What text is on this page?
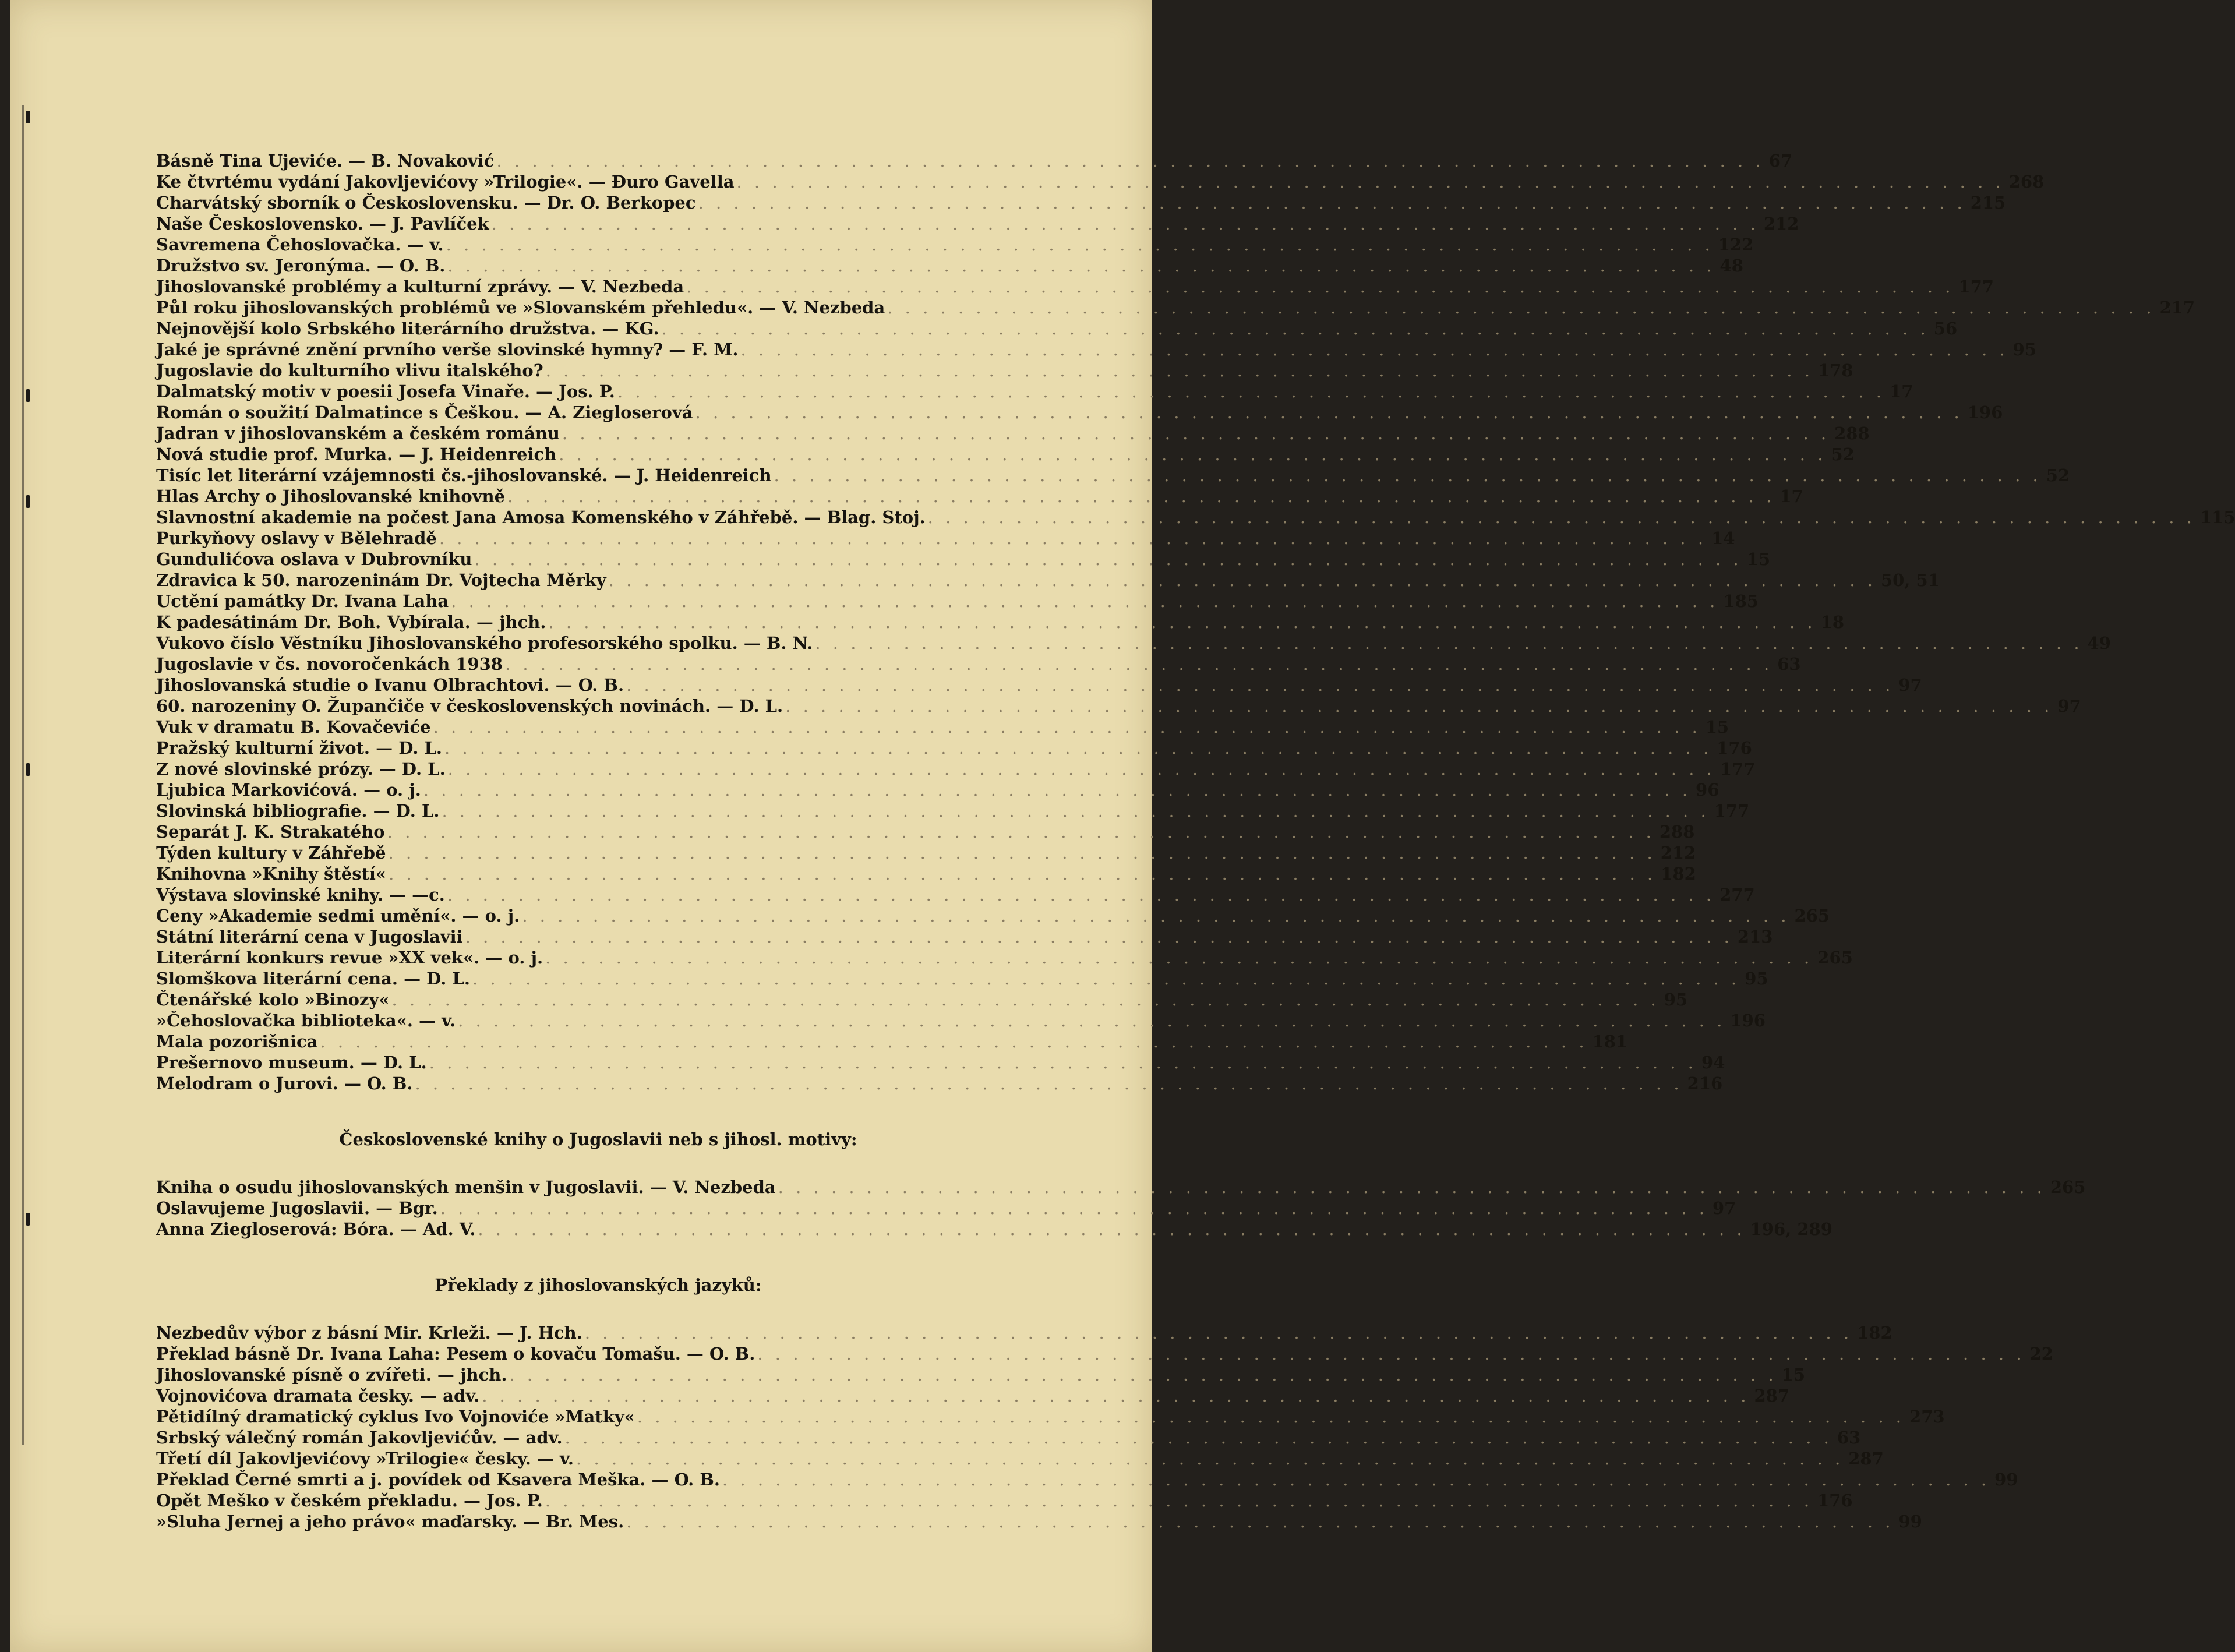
Básně Tina Ujeviće. — B. Novaković . . .	67
Ke čtvrtému vydání Jakovljevićovy »Trilogie«. — Đuro Gavella . . .	268
Charvátský sborník o Československu. — Dr. O. Berkopec . . .	215
Naše Československo. — J. Pavlíček . . .	212
Savremena Čehoslovačka. — v. . . .	122
Družstvo sv. Jeronýma. — O. B. . . .	48
Jihoslovanské problémy a kulturní zprávy. — V. Nezbeda . . .	177
Půl roku jihoslovanských problémů ve »Slovanském přehledu«. — V. Nezbeda . . .	217
Nejnovější kolo Srbského literárního družstva. — KG. . . .	56
Jaké je správné znění prvního verše slovinské hymny? — F. M. . . .	95
Jugoslavie do kulturního vlivu italského? . . .	178
Dalmatský motiv v poesii Josefa Vinaře. — Jos. P. . . .	17
Román o soužití Dalmatince s Češkou. — A. Ziegloserová . . .	196
Jadran v jihoslovanském a českém románu . . .	288
Nová studie prof. Murka. — J. Heidenreich . . .	52
Tisíc let literární vzájemnosti čs.-jihoslovanské. — J. Heidenreich . . .	52
Hlas Archy o Jihoslovanské knihovně . . .	17
Slavnostní akademie na počest Jana Amosa Komenského v Záhřebě. — Blag. Stoj. . . .	115
Purkyňovy oslavy v Bělehradě . . .	14
Gundulićova oslava v Dubrovníku . . .	15
Zdravica k 50. narozeninám Dr. Vojtecha Měrky . . .	50, 51
Uctění památky Dr. Ivana Laha . . .	185
K padesátinám Dr. Boh. Vybírala. — jhch. . . .	18
Vukovo číslo Věstníku Jihoslovanského profesorského spolku. — B. N. . . .	49
Jugoslavie v čs. novoročenkách 1938 . . .	63
Jihoslovanská studie o Ivanu Olbrachtovi. — O. B. . . .	97
60. narozeniny O. Župančiče v československých novinách. — D. L. . . .	97
Vuk v dramatu B. Kovačeviće . . .	15
Pražský kulturní život. — D. L. . . .	176
Z nové slovinské prózy. — D. L. . . .	177
Ljubica Markovićová. — o. j. . . .	96
Slovinská bibliografie. — D. L. . . .	177
Separát J. K. Strakatého . . .	288
Týden kultury v Záhřebě . . .	212
Knihovna »Knihy štěstí« . . .	182
Výstava slovinské knihy. — —c. . . .	277
Ceny »Akademie sedmi umění«. — o. j. . . .	265
Státní literární cena v Jugoslavii . . .	213
Literární konkurs revue »XX vek«. — o. j. . . .	265
Slomškova literární cena. — D. L. . . .	95
Čtenářské kolo »Binozy« . . .	95
»Čehoslovačka biblioteka«. — v. . . .	196
Mala pozorišnica . . .	181
Prešernovo museum. — D. L. . . .	94
Melodram o Jurovi. — O. B. . . .	216
Československé knihy o Jugoslavii neb s jihosl. motivy:
Kniha o osudu jihoslovanských menšin v Jugoslavii. — V. Nezbeda . . .	265
Oslavujeme Jugoslavii. — Bgr. . . .	97
Anna Ziegloserová: Bóra. — Ad. V. . . .	196, 289
Překlady z jihoslovanských jazyků:
Nezbedův výbor z básní Mir. Krleži. — J. Hch. . . .	182
Překlad básně Dr. Ivana Laha: Pesem o kovaču Tomašu. — O. B. . . .	22
Jihoslovanské písně o zvířeti. — jhch. . . .	15
Vojnovićova dramata česky. — adv. . . .	287
Pětidílný dramatický cyklus Ivo Vojnoviće »Matky« . . .	273
Srbský válečný román Jakovljevićův. — adv. . . .	63
Třetí díl Jakovljevićovy »Trilogie« česky. — v. . . .	287
Překlad Černé smrti a j. povídek od Ksavera Meška. — O. B. . . .	99
Opět Meško v českém překladu. — Jos. P. . . .	176
»Sluha Jernej a jeho právo« maďarsky. — Br. Mes. . . .	99
